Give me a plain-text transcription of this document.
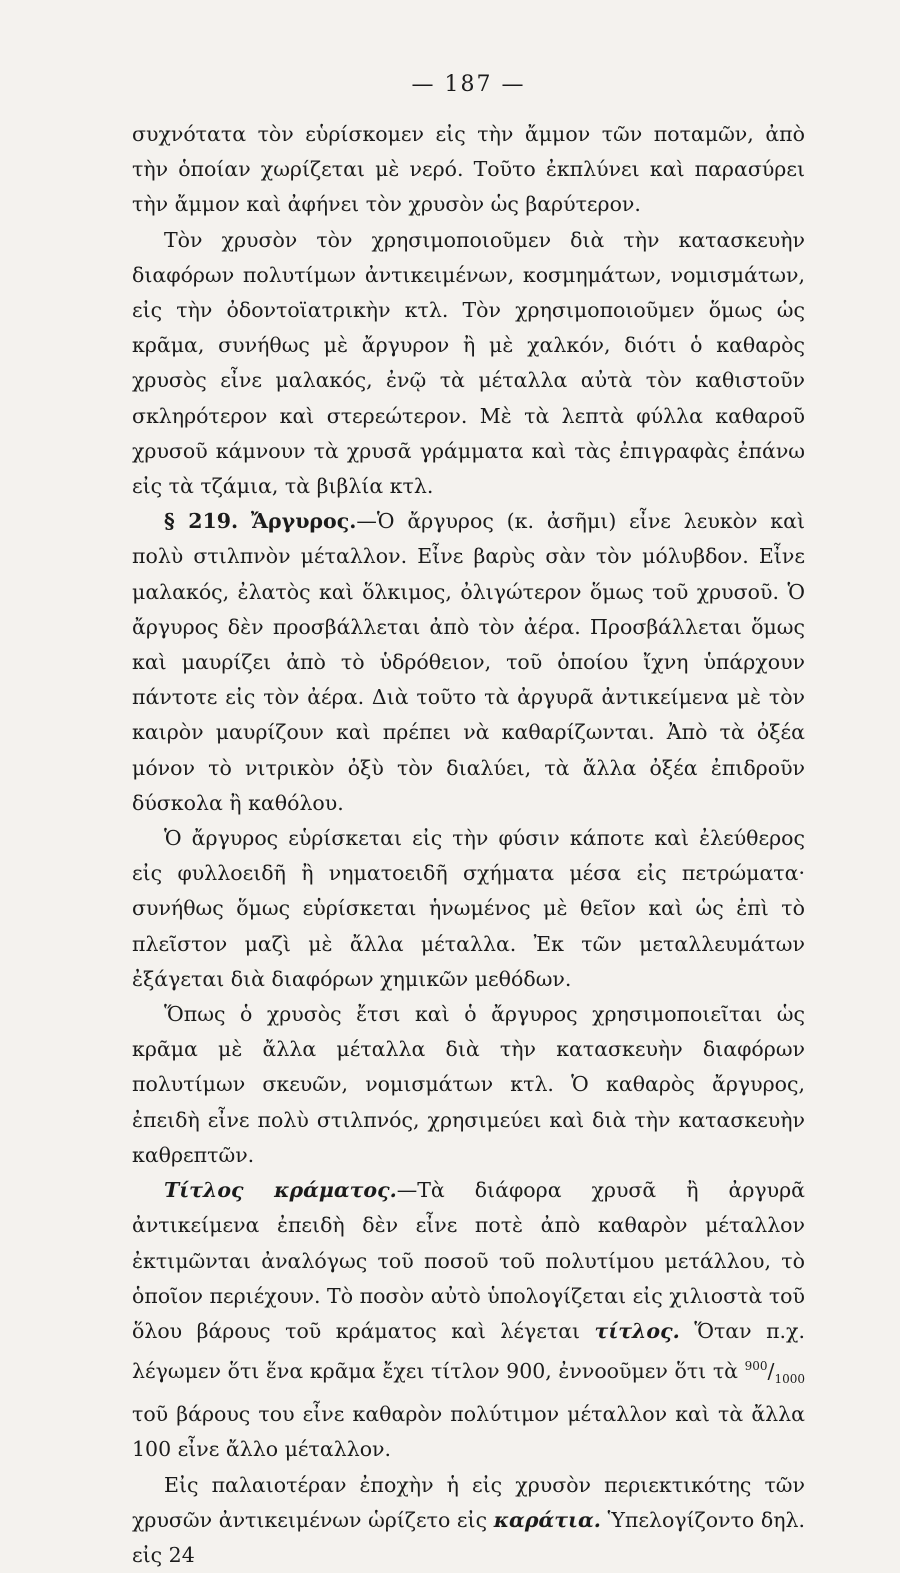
— 187 —

συχνότατα τὸν εὑρίσκομεν εἰς τὴν ἄμμον τῶν ποταμῶν, ἀπὸ τὴν ὁποίαν χωρίζεται μὲ νερό. Τοῦτο ἐκπλύνει καὶ παρασύρει τὴν ἄμμον καὶ ἀφήνει τὸν χρυσὸν ὡς βαρύτερον.

Τὸν χρυσὸν τὸν χρησιμοποιοῦμεν διὰ τὴν κατασκευὴν διαφόρων πολυτίμων ἀντικειμένων, κοσμημάτων, νομισμάτων, εἰς τὴν ὀδοντοϊατρικὴν κτλ. Τὸν χρησιμοποιοῦμεν ὅμως ὡς κρᾶμα, συνήθως μὲ ἄργυρον ἢ μὲ χαλκόν, διότι ὁ καθαρὸς χρυσὸς εἶνε μαλακός, ἐνῷ τὰ μέταλλα αὐτὰ τὸν καθιστοῦν σκληρότερον καὶ στερεώτερον. Μὲ τὰ λεπτὰ φύλλα καθαροῦ χρυσοῦ κάμνουν τὰ χρυσᾶ γράμματα καὶ τὰς ἐπιγραφὰς ἐπάνω εἰς τὰ τζάμια, τὰ βιβλία κτλ.

§ 219. Ἄργυρος.—Ὁ ἄργυρος (κ. ἀσῆμι) εἶνε λευκὸν καὶ πολὺ στιλπνὸν μέταλλον. Εἶνε βαρὺς σὰν τὸν μόλυβδον. Εἶνε μαλακός, ἐλατὸς καὶ ὅλκιμος, ὀλιγώτερον ὅμως τοῦ χρυσοῦ. Ὁ ἄργυρος δὲν προσβάλλεται ἀπὸ τὸν ἀέρα. Προσβάλλεται ὅμως καὶ μαυρίζει ἀπὸ τὸ ὑδρόθειον, τοῦ ὁποίου ἴχνη ὑπάρχουν πάντοτε εἰς τὸν ἀέρα. Διὰ τοῦτο τὰ ἀργυρᾶ ἀντικείμενα μὲ τὸν καιρὸν μαυρίζουν καὶ πρέπει νὰ καθαρίζωνται. Ἀπὸ τὰ ὀξέα μόνον τὸ νιτρικὸν ὀξὺ τὸν διαλύει, τὰ ἄλλα ὀξέα ἐπιδροῦν δύσκολα ἢ καθόλου.

Ὁ ἄργυρος εὑρίσκεται εἰς τὴν φύσιν κάποτε καὶ ἐλεύθερος εἰς φυλλοειδῆ ἢ νηματοειδῆ σχήματα μέσα εἰς πετρώματα· συνήθως ὅμως εὑρίσκεται ἡνωμένος μὲ θεῖον καὶ ὡς ἐπὶ τὸ πλεῖστον μαζὶ μὲ ἄλλα μέταλλα. Ἐκ τῶν μεταλλευμάτων ἐξάγεται διὰ διαφόρων χημικῶν μεθόδων.

Ὅπως ὁ χρυσὸς ἔτσι καὶ ὁ ἄργυρος χρησιμοποιεῖται ὡς κρᾶμα μὲ ἄλλα μέταλλα διὰ τὴν κατασκευὴν διαφόρων πολυτίμων σκευῶν, νομισμάτων κτλ. Ὁ καθαρὸς ἄργυρος, ἐπειδὴ εἶνε πολὺ στιλπνός, χρησιμεύει καὶ διὰ τὴν κατασκευὴν καθρεπτῶν.

Τίτλος κράματος.—Τὰ διάφορα χρυσᾶ ἢ ἀργυρᾶ ἀντικείμενα ἐπειδὴ δὲν εἶνε ποτὲ ἀπὸ καθαρὸν μέταλλον ἐκτιμῶνται ἀναλόγως τοῦ ποσοῦ τοῦ πολυτίμου μετάλλου, τὸ ὁποῖον περιέχουν. Τὸ ποσὸν αὐτὸ ὑπολογίζεται εἰς χιλιοστὰ τοῦ ὅλου βάρους τοῦ κράματος καὶ λέγεται τίτλος. Ὅταν π.χ. λέγωμεν ὅτι ἕνα κρᾶμα ἔχει τίτλον 900, ἐννοοῦμεν ὅτι τὰ $^{900}/_{1000}$ τοῦ βάρους του εἶνε καθαρὸν πολύτιμον μέταλλον καὶ τὰ ἄλλα 100 εἶνε ἄλλο μέταλλον.

Εἰς παλαιοτέραν ἐποχὴν ἡ εἰς χρυσὸν περιεκτικότης τῶν χρυσῶν ἀντικειμένων ὡρίζετο εἰς καράτια. Ὑπελογίζοντο δηλ. εἰς 24
